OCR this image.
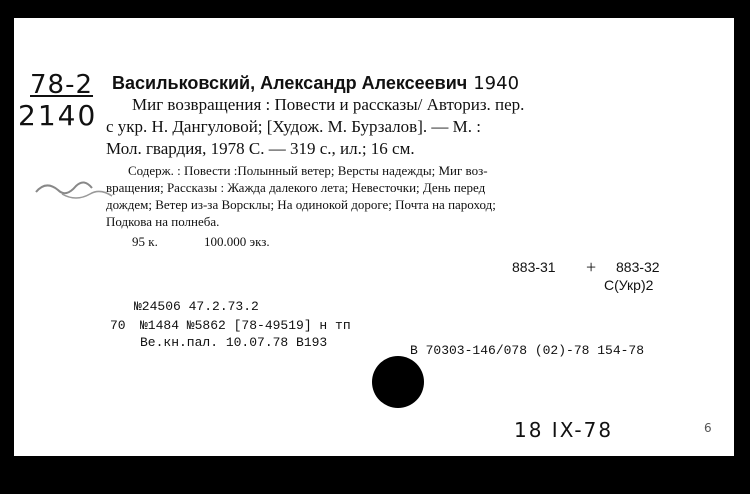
78-2
2140
Васильковский, Александр Алексеевич 1940
Миг возвращения : Повести и рассказы/ Авториз. пер.
с укр. Н. Дангуловой; [Худож. М. Бурзалов]. — М. :
Мол. гвардия, 1978 С. — 319 с., ил.; 16 см.
Содерж. : Повести :Полынный ветер; Версты надежды; Миг воз-
вращения; Рассказы : Жажда далекого лета; Невесточки; День перед
дождем; Ветер из-за Ворсклы; На одинокой дороге; Почта на пароход;
Подкова на полнеба.
95 к.	100.000 экз.
883-31 + 883-32
С(Укр)2
№24506 47.2.73.2
70 №1484 №5862 [78-49519] н тп
Ве.кн.пал. 10.07.78 В193
В 70303-146/078 (02)-78 154-78
18 IX-78	6
